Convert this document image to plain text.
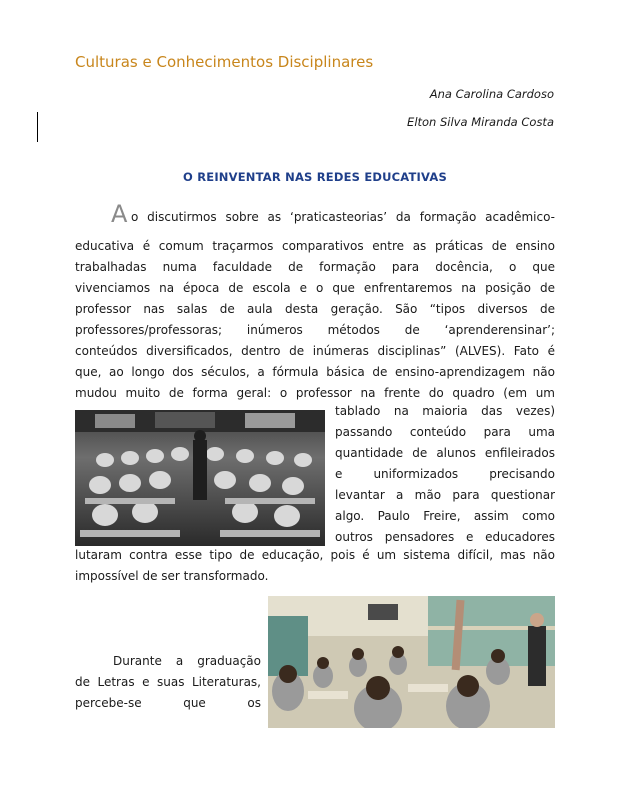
Culturas e Conhecimentos Disciplinares
Ana Carolina Cardoso
Elton Silva Miranda Costa
O REINVENTAR NAS REDES EDUCATIVAS
A o discutirmos sobre as ‘praticasteorias’ da formação acadêmico-
educativa é comum traçarmos comparativos entre as práticas de ensino
trabalhadas numa faculdade de formação para docência, o que
vivenciamos na época de escola e o que enfrentaremos na posição de
professor nas salas de aula desta geração. São “tipos diversos de
professores/professoras; inúmeros métodos de ‘aprenderensinar’;
conteúdos diversificados, dentro de inúmeras disciplinas” (ALVES). Fato é
que, ao longo dos séculos, a fórmula básica de ensino-aprendizagem não
mudou muito de forma geral: o professor na frente do quadro (em um
tablado na maioria das vezes)
passando conteúdo para uma
quantidade de alunos enfileirados
e uniformizados precisando
levantar a mão para questionar
algo. Paulo Freire, assim como
outros pensadores e educadores
lutaram contra esse tipo de educação, pois é um sistema difícil, mas não
impossível de ser transformado.
Durante a graduação
de Letras e suas Literaturas,
percebe-se que os
